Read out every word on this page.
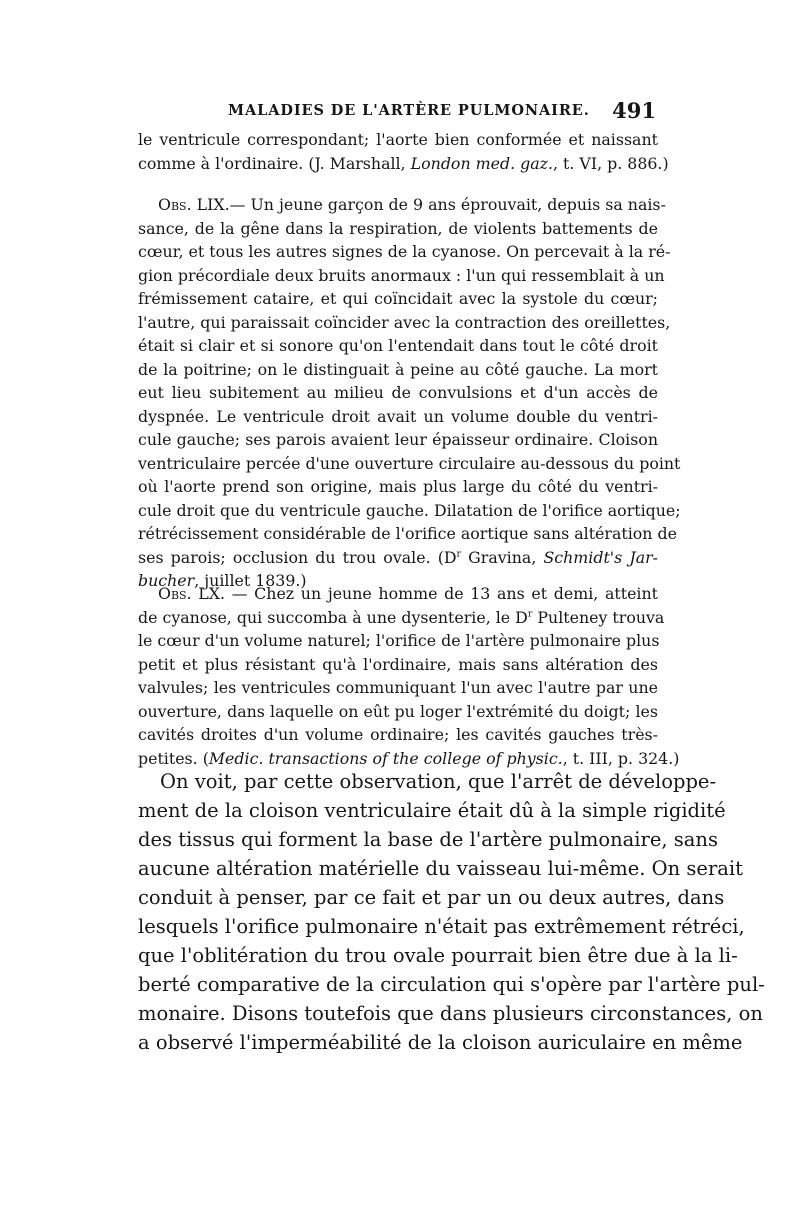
MALADIES DE L'ARTÈRE PULMONAIRE. 491
le ventricule correspondant; l'aorte bien conformée et naissant
comme à l'ordinaire. (J. Marshall, London med. gaz., t. VI, p. 886.)
Obs. LIX.— Un jeune garçon de 9 ans éprouvait, depuis sa nais-
sance, de la gêne dans la respiration, de violents battements de
cœur, et tous les autres signes de la cyanose. On percevait à la ré-
gion précordiale deux bruits anormaux : l'un qui ressemblait à un
frémissement cataire, et qui coïncidait avec la systole du cœur;
l'autre, qui paraissait coïncider avec la contraction des oreillettes,
était si clair et si sonore qu'on l'entendait dans tout le côté droit
de la poitrine; on le distinguait à peine au côté gauche. La mort
eut lieu subitement au milieu de convulsions et d'un accès de
dyspnée. Le ventricule droit avait un volume double du ventri-
cule gauche; ses parois avaient leur épaisseur ordinaire. Cloison
ventriculaire percée d'une ouverture circulaire au-dessous du point
où l'aorte prend son origine, mais plus large du côté du ventri-
cule droit que du ventricule gauche. Dilatation de l'orifice aortique;
rétrécissement considérable de l'orifice aortique sans altération de
ses parois; occlusion du trou ovale. ($D^r$ Gravina, Schmidt's Jar-
bucher, juillet 1839.)
Obs. LX. — Chez un jeune homme de 13 ans et demi, atteint
de cyanose, qui succomba à une dysenterie, le $D^r$ Pulteney trouva
le cœur d'un volume naturel; l'orifice de l'artère pulmonaire plus
petit et plus résistant qu'à l'ordinaire, mais sans altération des
valvules; les ventricules communiquant l'un avec l'autre par une
ouverture, dans laquelle on eût pu loger l'extrémité du doigt; les
cavités droites d'un volume ordinaire; les cavités gauches très-
petites. (Medic. transactions of the college of physic., t. III, p. 324.)
On voit, par cette observation, que l'arrêt de développe-
ment de la cloison ventriculaire était dû à la simple rigidité
des tissus qui forment la base de l'artère pulmonaire, sans
aucune altération matérielle du vaisseau lui-même. On serait
conduit à penser, par ce fait et par un ou deux autres, dans
lesquels l'orifice pulmonaire n'était pas extrêmement rétréci,
que l'oblitération du trou ovale pourrait bien être due à la li-
berté comparative de la circulation qui s'opère par l'artère pul-
monaire. Disons toutefois que dans plusieurs circonstances, on
a observé l'imperméabilité de la cloison auriculaire en même
